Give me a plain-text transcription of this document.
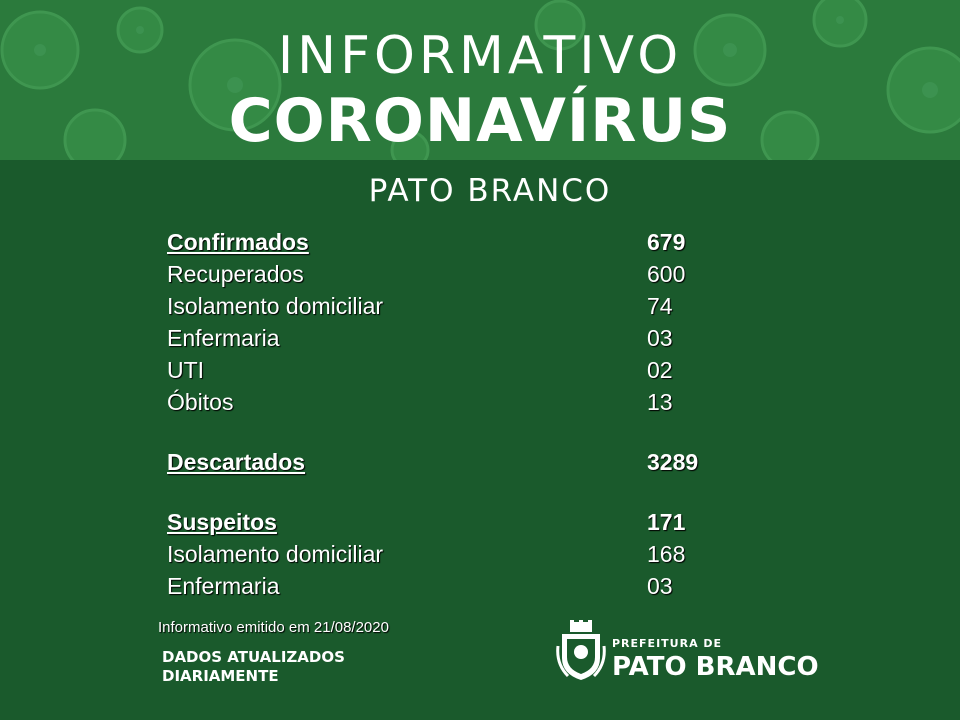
INFORMATIVO
CORONAVÍRUS
PATO BRANCO
Confirmados	679
Recuperados	600
Isolamento domiciliar	74
Enfermaria	03
UTI	02
Óbitos	13
Descartados	3289
Suspeitos	171
Isolamento domiciliar	168
Enfermaria	03
Informativo emitido em 21/08/2020
DADOS ATUALIZADOS
DIARIAMENTE
PREFEITURA DE
PATO BRANCO
